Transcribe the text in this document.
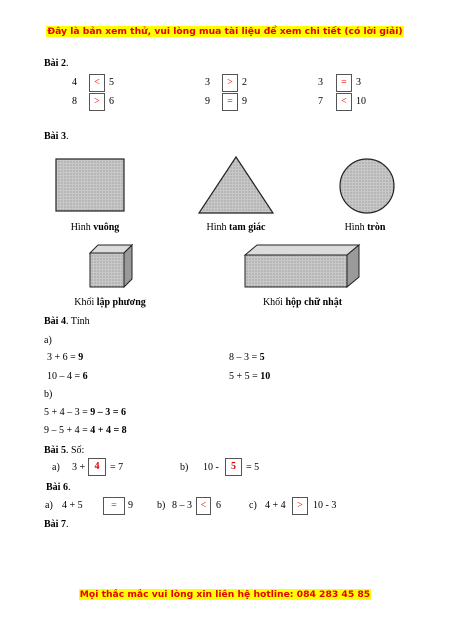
Đây là bản xem thử, vui lòng mua tài liệu để xem chi tiết (có lời giải)
Bài 2.
4	< 5	3	> 2	3	= 3
8	> 6	9	= 9	7	< 10
Bài 3.
Hình vuông	Hình tam giác	Hình tròn
Khối lập phương	Khối hộp chữ nhật
Bài 4. Tính
a)
3 + 6 = 9	8 – 3 = 5
10 – 4 = 6	5 + 5 = 10
b)
5 + 4 – 3 = 9 – 3 = 6
9 – 5 + 4 = 4 + 4 = 8
Bài 5. Số:
a) 3 + 4	= 7	b) 10 -	5	= 5
Bài 6.
a) 4 + 5	=	9 b) 8 – 3 < 6	c) 4 + 4	>	10 - 3
Bài 7.
Mọi thắc mắc vui lòng xin liên hệ hotline: 084 283 45 85
